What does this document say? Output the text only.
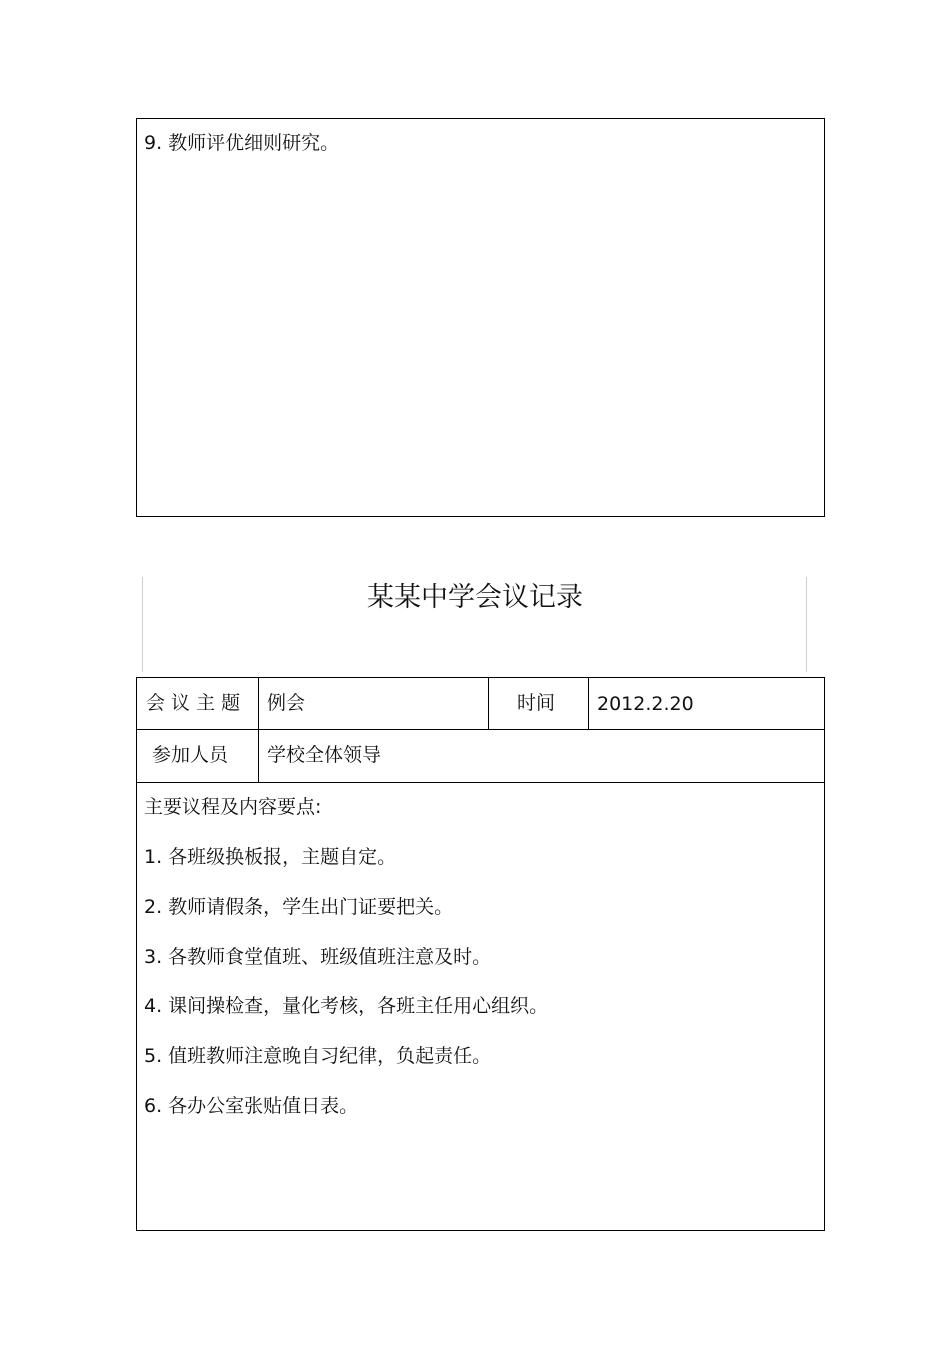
9. 教师评优细则研究。
某某中学会议记录
会 议 主 题 例会	时间 2012.2.20
参加人员 学校全体领导
主要议程及内容要点:
1. 各班级换板报，主题自定。
2. 教师请假条，学生出门证要把关。
3. 各教师食堂值班、班级值班注意及时。
4. 课间操检查，量化考核，各班主任用心组织。
5. 值班教师注意晚自习纪律，负起责任。
6. 各办公室张贴值日表。
